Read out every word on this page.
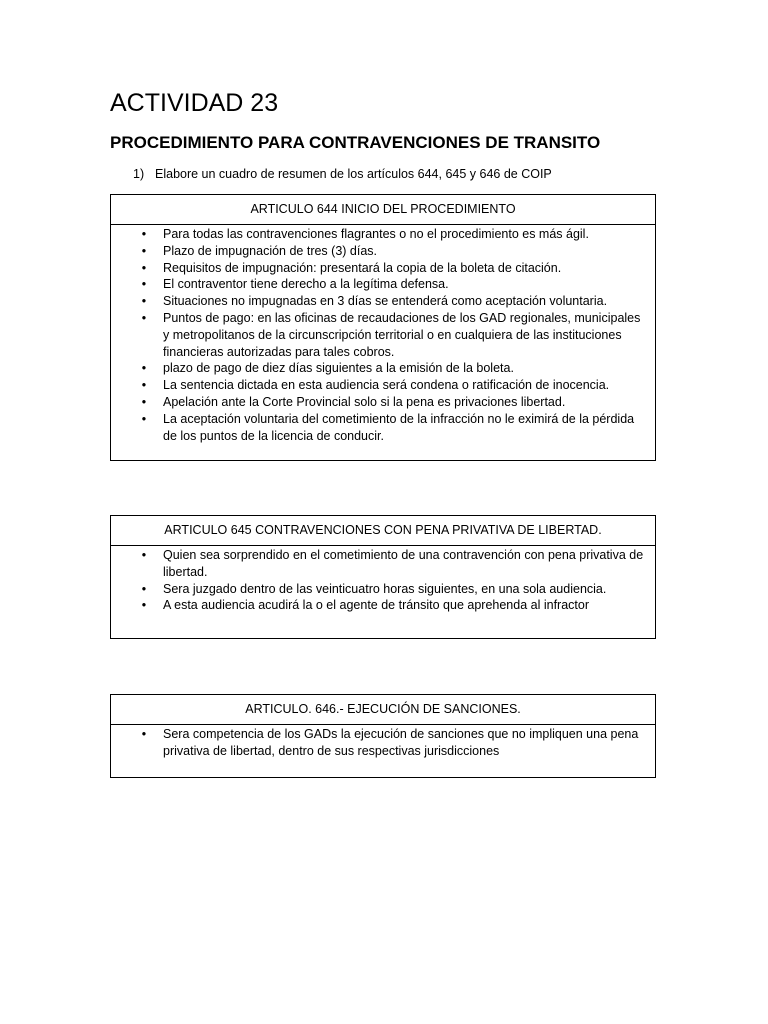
ACTIVIDAD 23
PROCEDIMIENTO PARA CONTRAVENCIONES DE TRANSITO

1) Elabore un cuadro de resumen de los artículos 644, 645 y 646 de COIP

ARTICULO 644 INICIO DEL PROCEDIMIENTO
• Para todas las contravenciones flagrantes o no el procedimiento es más ágil.
• Plazo de impugnación de tres (3) días.
• Requisitos de impugnación: presentará la copia de la boleta de citación.
• El contraventor tiene derecho a la legítima defensa.
• Situaciones no impugnadas en 3 días se entenderá como aceptación voluntaria.
• Puntos de pago: en las oficinas de recaudaciones de los GAD regionales, municipales y metropolitanos de la circunscripción territorial o en cualquiera de las instituciones financieras autorizadas para tales cobros.
• plazo de pago de diez días siguientes a la emisión de la boleta.
• La sentencia dictada en esta audiencia será condena o ratificación de inocencia.
• Apelación ante la Corte Provincial solo si la pena es privaciones libertad.
• La aceptación voluntaria del cometimiento de la infracción no le eximirá de la pérdida de los puntos de la licencia de conducir.
ARTICULO 645 CONTRAVENCIONES CON PENA PRIVATIVA DE LIBERTAD.
• Quien sea sorprendido en el cometimiento de una contravención con pena privativa de libertad.
• Sera juzgado dentro de las veinticuatro horas siguientes, en una sola audiencia.
• A esta audiencia acudirá la o el agente de tránsito que aprehenda al infractor
ARTICULO. 646.- EJECUCIÓN DE SANCIONES.
• Sera competencia de los GADs la ejecución de sanciones que no impliquen una pena privativa de libertad, dentro de sus respectivas jurisdicciones
